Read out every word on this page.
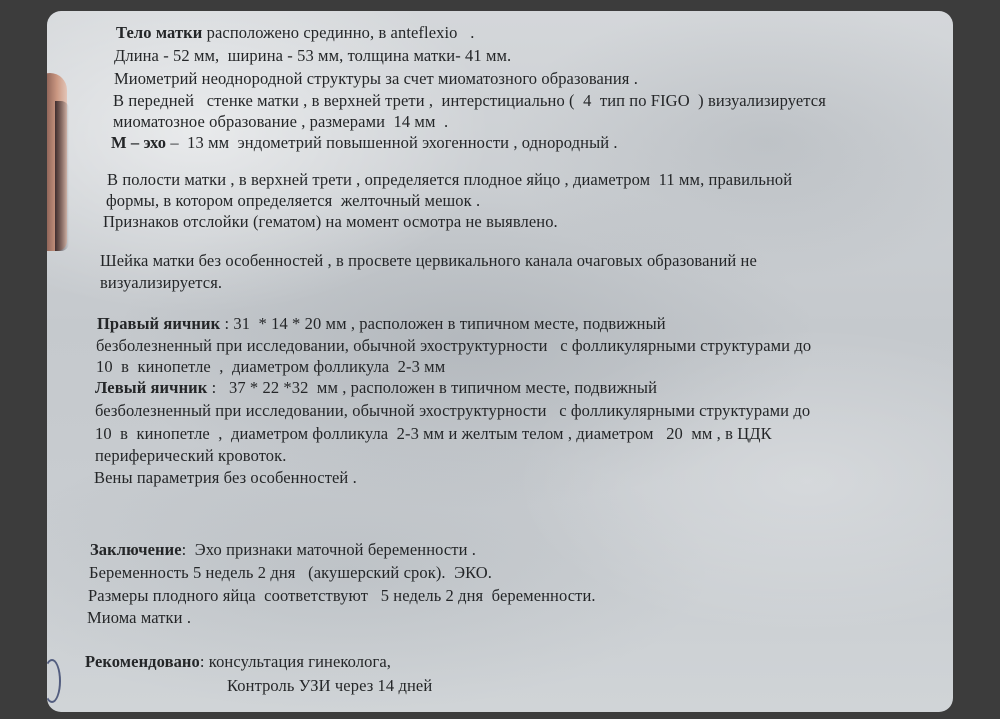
Тело матки расположено срединно, в anteflexio   .
Длина - 52 мм,  ширина - 53 мм, толщина матки- 41 мм.
Миометрий неоднородной структуры за счет миоматозного образования .
В передней   стенке матки , в верхней трети ,  интерстициально (  4  тип по FIGO  ) визуализируется
миоматозное образование , размерами  14 мм  .
М – эхо –  13 мм  эндометрий повышенной эхогенности , однородный .
В полости матки , в верхней трети , определяется плодное яйцо , диаметром  11 мм, правильной
формы, в котором определяется  желточный мешок .
Признаков отслойки (гематом) на момент осмотра не выявлено.
Шейка матки без особенностей , в просвете цервикального канала очаговых образований не
визуализируется.
Правый яичник : 31  * 14 * 20 мм , расположен в типичном месте, подвижный
безболезненный при исследовании, обычной эхоструктурности   с фолликулярными структурами до
10  в  кинопетле  ,  диаметром фолликула  2-3 мм
Левый яичник :   37 * 22 *32  мм , расположен в типичном месте, подвижный
безболезненный при исследовании, обычной эхоструктурности   с фолликулярными структурами до
10  в  кинопетле  ,  диаметром фолликула  2-3 мм и желтым телом , диаметром   20  мм , в ЦДК
периферический кровоток.
Вены параметрия без особенностей .
Заключение:  Эхо признаки маточной беременности .
Беременность 5 недель 2 дня   (акушерский срок).  ЭКО.
Размеры плодного яйца  соответствуют   5 недель 2 дня  беременности.
Миома матки .
Рекомендовано: консультация гинеколога,
Контроль УЗИ через 14 дней
